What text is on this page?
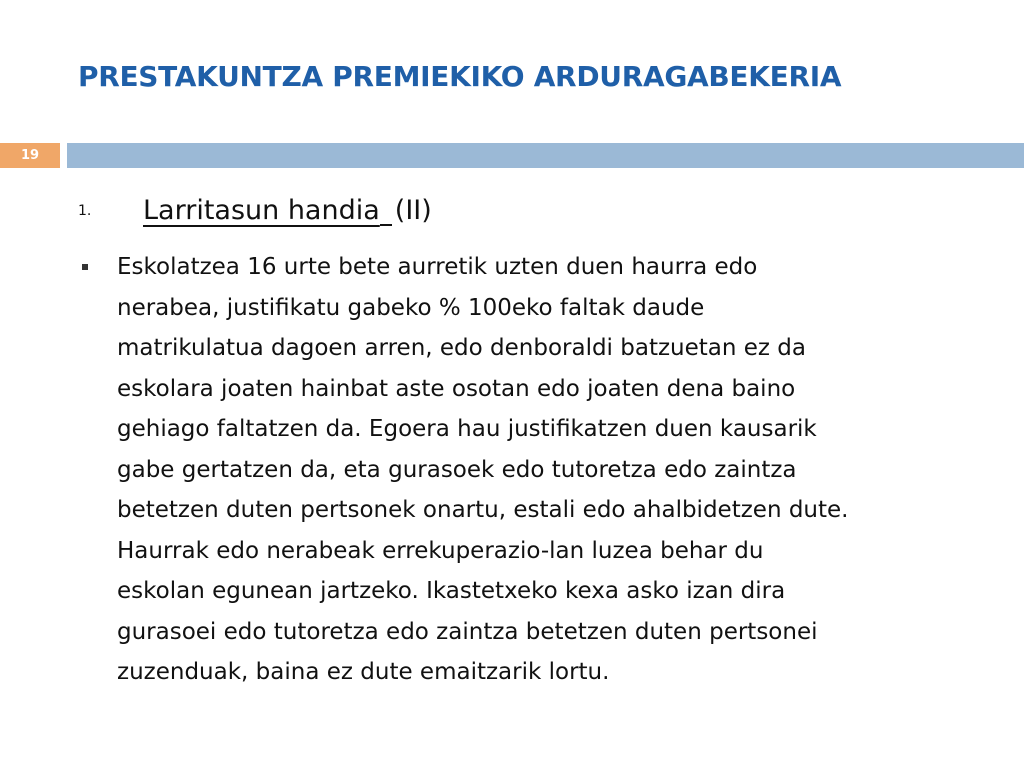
PRESTAKUNTZA PREMIEKIKO ARDURAGABEKERIA
19
1. Larritasun handia (II)
Eskolatzea 16 urte bete aurretik uzten duen haurra edo
nerabea, justifikatu gabeko % 100eko faltak daude
matrikulatua dagoen arren, edo denboraldi batzuetan ez da
eskolara joaten hainbat aste osotan edo joaten dena baino
gehiago faltatzen da. Egoera hau justifikatzen duen kausarik
gabe gertatzen da, eta gurasoek edo tutoretza edo zaintza
betetzen duten pertsonek onartu, estali edo ahalbidetzen dute.
Haurrak edo nerabeak errekuperazio-lan luzea behar du
eskolan egunean jartzeko. Ikastetxeko kexa asko izan dira
gurasoei edo tutoretza edo zaintza betetzen duten pertsonei
zuzenduak, baina ez dute emaitzarik lortu.
